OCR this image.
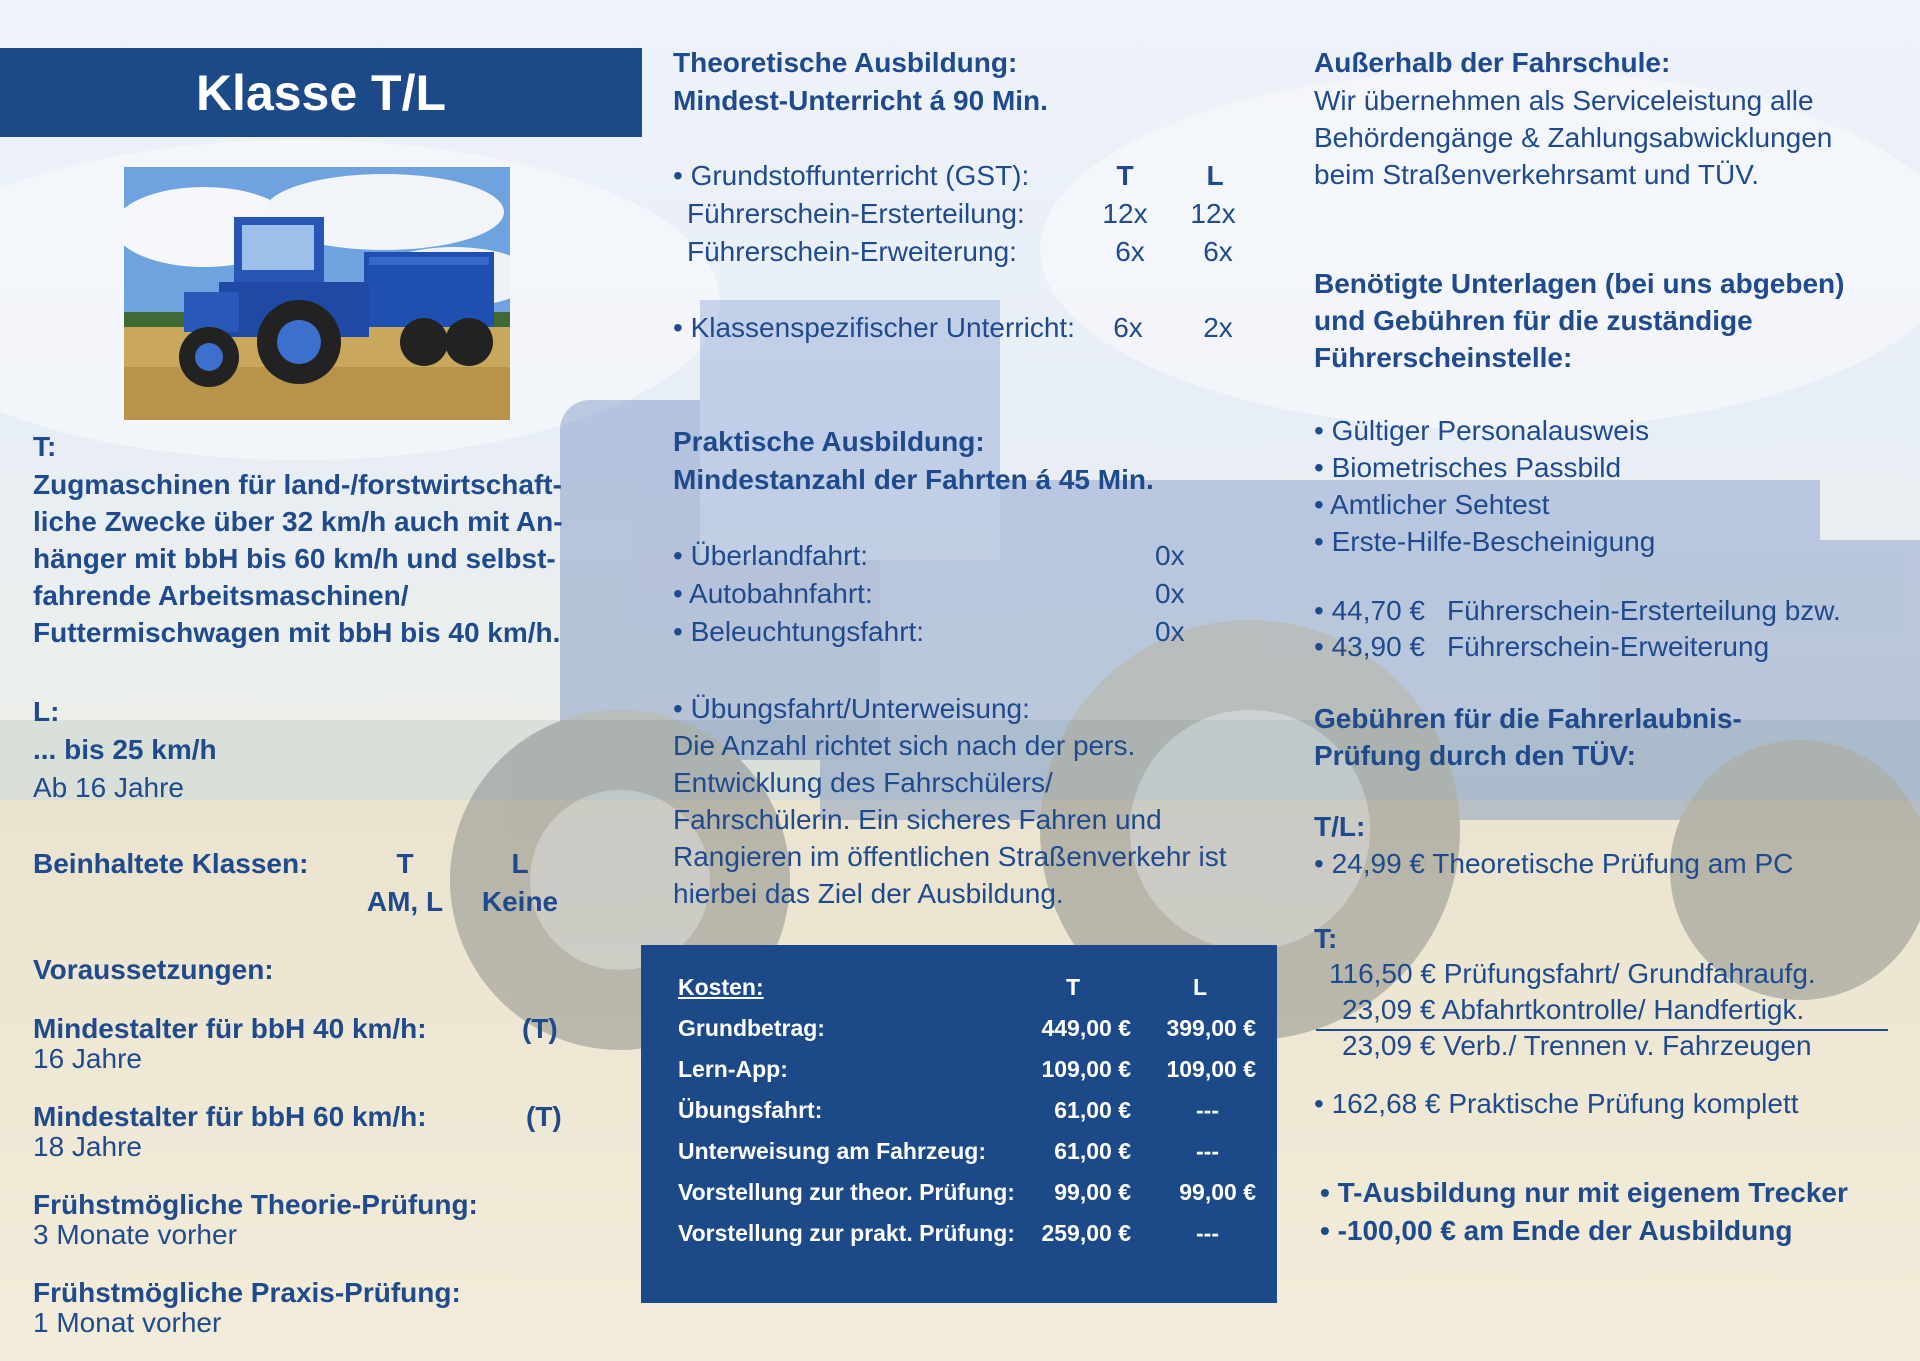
Klasse T/L
T:
Zugmaschinen für land-/forstwirtschaft-
liche Zwecke über 32 km/h auch mit An-
hänger mit bbH bis 60 km/h und selbst-
fahrende Arbeitsmaschinen/
Futtermischwagen mit bbH bis 40 km/h.
L:
... bis 25 km/h
Ab 16 Jahre
Beinhaltete Klassen:	T	L
AM, L	Keine
Voraussetzungen:
Mindestalter für bbH 40 km/h:	(T)
16 Jahre
Mindestalter für bbH 60 km/h:	(T)
18 Jahre
Frühstmögliche Theorie-Prüfung:
3 Monate vorher
Frühstmögliche Praxis-Prüfung:
1 Monat vorher
Theoretische Ausbildung:
Mindest-Unterricht á 90 Min.
• Grundstoffunterricht (GST):	T	L
Führerschein-Ersterteilung:	12x 12x
Führerschein-Erweiterung:	6x	6x
• Klassenspezifischer Unterricht:	6x	2x
Praktische Ausbildung:
Mindestanzahl der Fahrten á 45 Min.
• Überlandfahrt:	0x
• Autobahnfahrt:	0x
• Beleuchtungsfahrt:	0x
• Übungsfahrt/Unterweisung:
Die Anzahl richtet sich nach der pers.
Entwicklung des Fahrschülers/
Fahrschülerin. Ein sicheres Fahren und
Rangieren im öffentlichen Straßenverkehr ist
hierbei das Ziel der Ausbildung.
Kosten:	T	L
Grundbetrag:	449,00 €	399,00 €
Lern-App:	109,00 €	109,00 €
Übungsfahrt:	61,00 €	---
Unterweisung am Fahrzeug:	61,00 €	---
Vorstellung zur theor. Prüfung:	99,00 €	99,00 €
Vorstellung zur prakt. Prüfung:	259,00 €	---
Außerhalb der Fahrschule:
Wir übernehmen als Serviceleistung alle
Behördengänge & Zahlungsabwicklungen
beim Straßenverkehrsamt und TÜV.
Benötigte Unterlagen (bei uns abgeben)
und Gebühren für die zuständige
Führerscheinstelle:
• Gültiger Personalausweis
• Biometrisches Passbild
• Amtlicher Sehtest
• Erste-Hilfe-Bescheinigung
• 44,70 € Führerschein-Ersterteilung bzw.
• 43,90 € Führerschein-Erweiterung
Gebühren für die Fahrerlaubnis-
Prüfung durch den TÜV:
T/L:
• 24,99 € Theoretische Prüfung am PC
T:
116,50 € Prüfungsfahrt/ Grundfahraufg.
23,09 € Abfahrtkontrolle/ Handfertigk.
23,09 € Verb./ Trennen v. Fahrzeugen
• 162,68 € Praktische Prüfung komplett
• T-Ausbildung nur mit eigenem Trecker
• -100,00 € am Ende der Ausbildung
